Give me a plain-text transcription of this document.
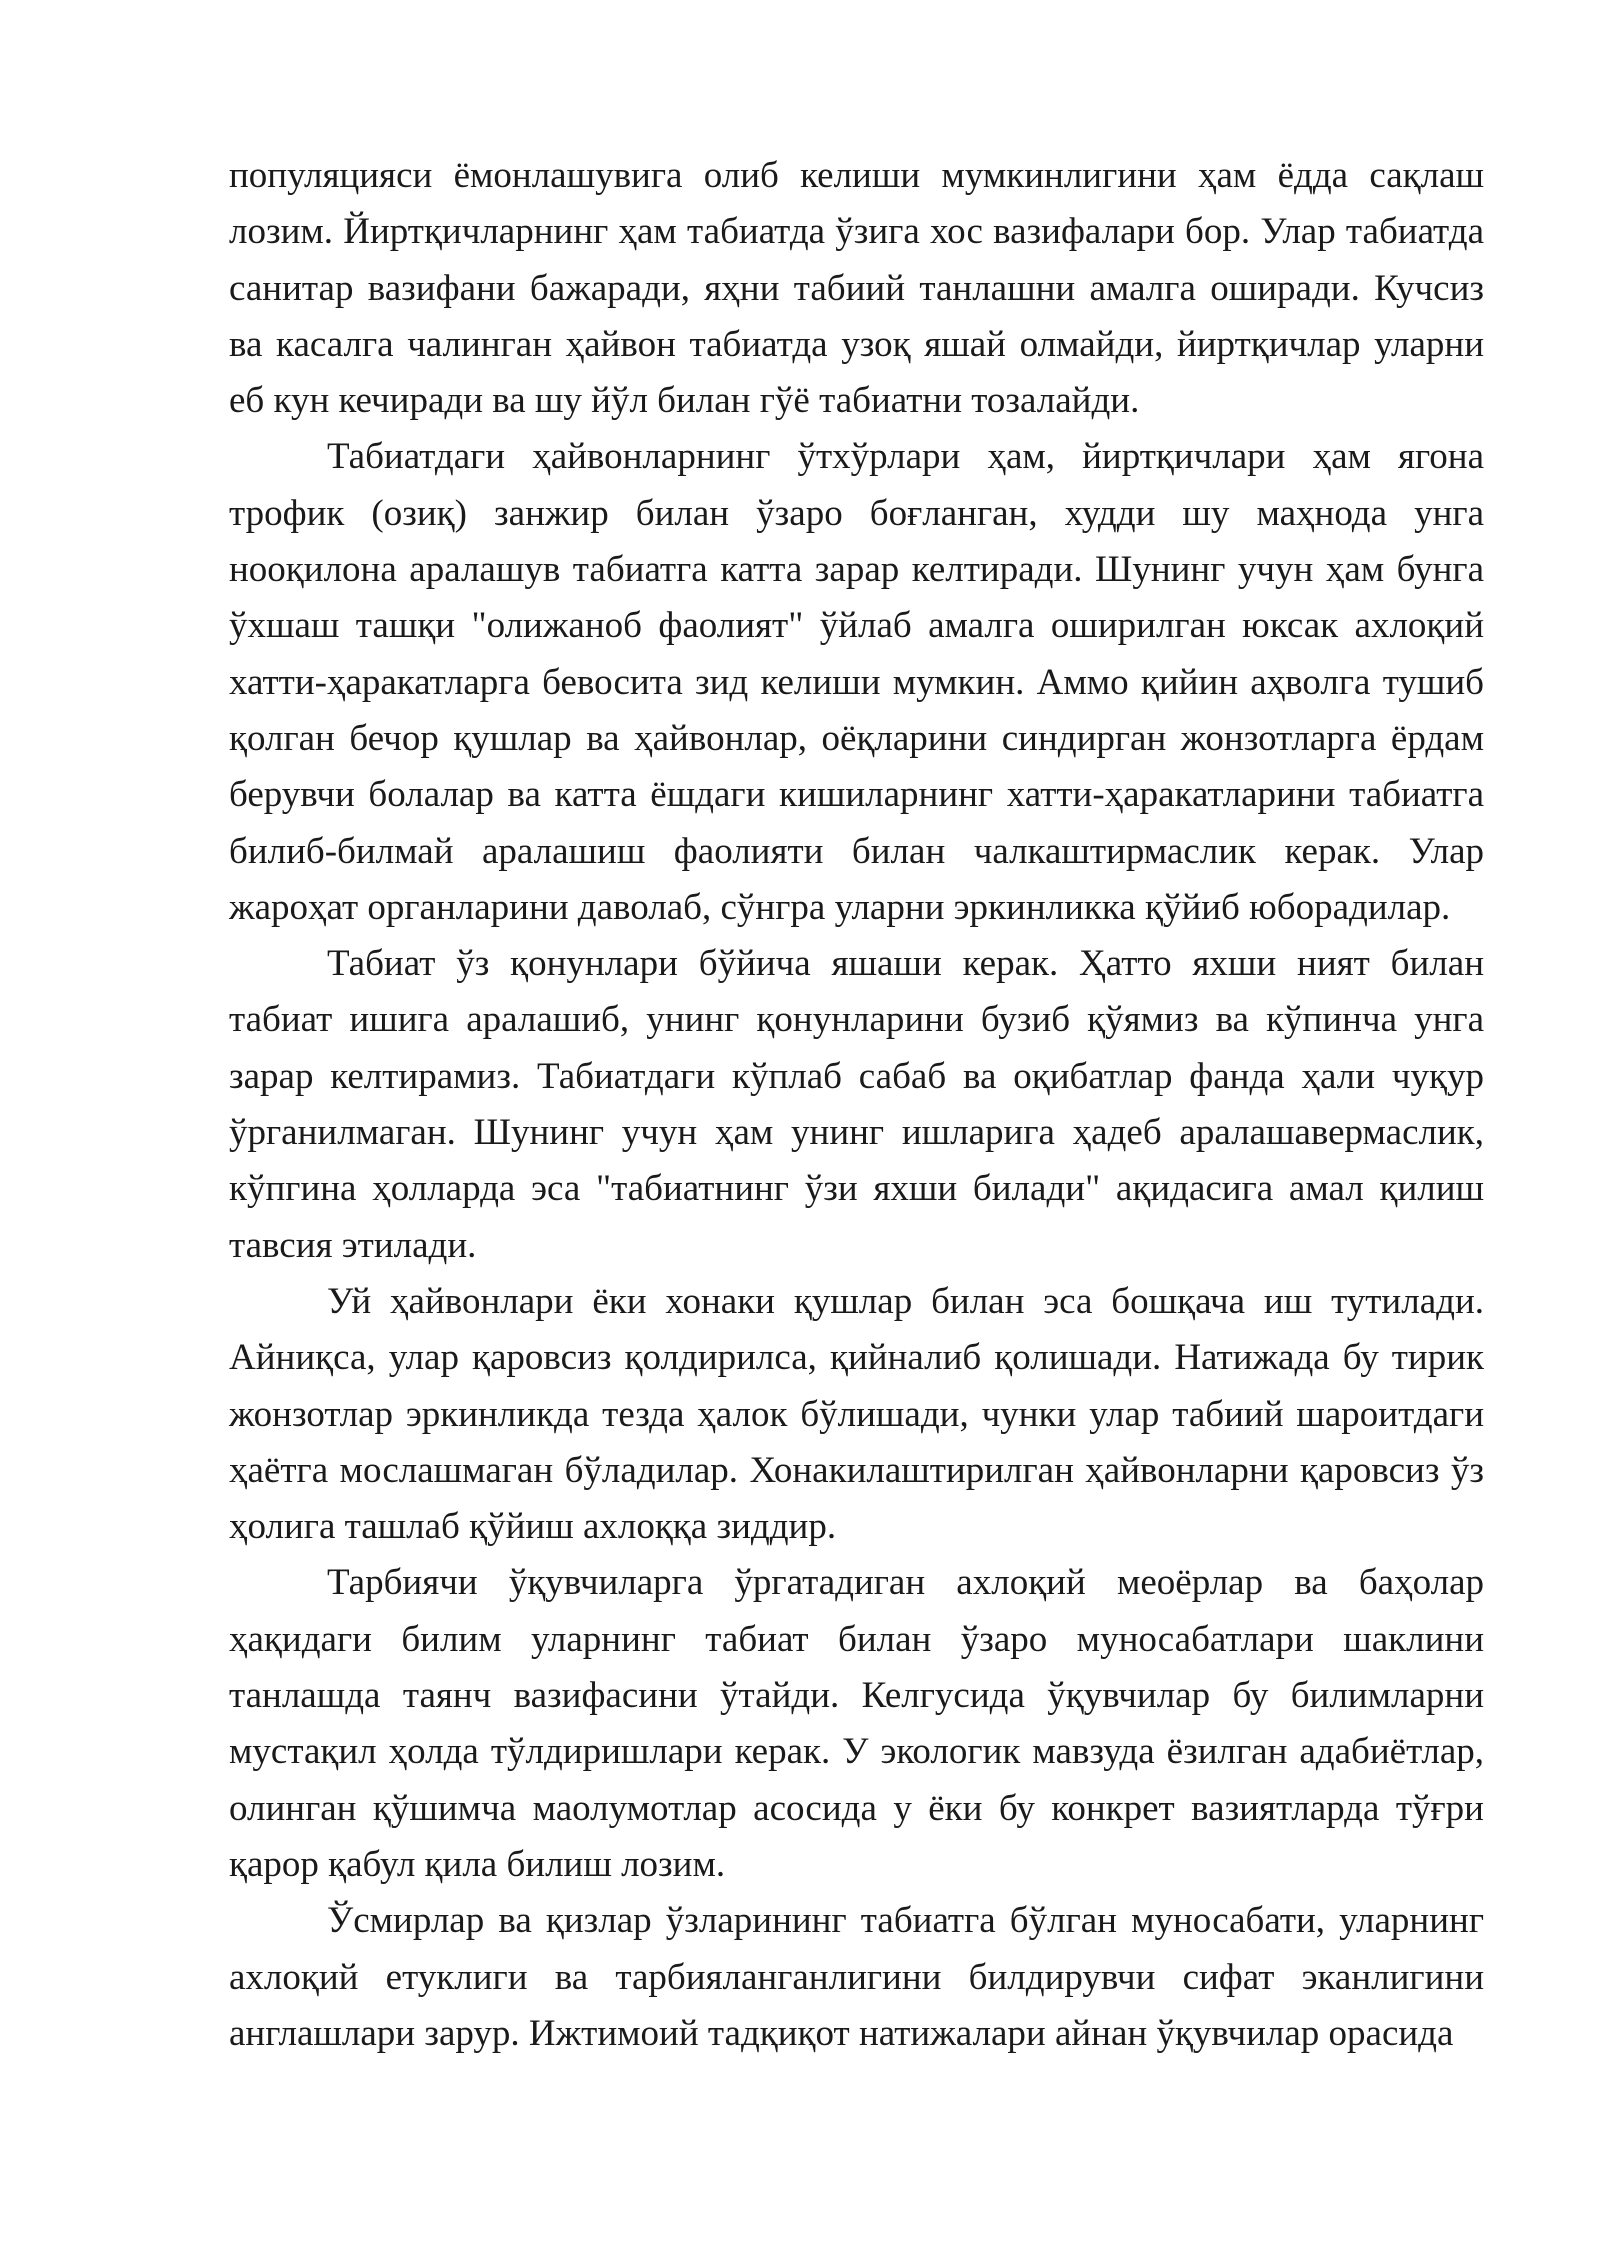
популяцияси ёмонлашувига олиб келиши мумкинлигини ҳам ёдда сақлаш лозим. Йиртқичларнинг ҳам табиатда ўзига хос вазифалари бор. Улар табиатда санитар вазифани бажаради, яҳни табиий танлашни амалга оширади. Кучсиз ва касалга чалинган ҳайвон табиатда узоқ яшай олмайди, йиртқичлар уларни еб кун кечиради ва шу йўл билан гўё табиатни тозалайди.

Табиатдаги ҳайвонларнинг ўтхўрлари ҳам, йиртқичлари ҳам ягона трофик (озиқ) занжир билан ўзаро боғланган, худди шу маҳнода унга нооқилона аралашув табиатга катта зарар келтиради. Шунинг учун ҳам бунга ўхшаш ташқи "олижаноб фаолият" ўйлаб амалга оширилган юксак ахлоқий хатти-ҳаракатларга бевосита зид келиши мумкин. Аммо қийин аҳволга тушиб қолган бечор қушлар ва ҳайвонлар, оёқларини синдирган жонзотларга ёрдам берувчи болалар ва катта ёшдаги кишиларнинг хатти-ҳаракатларини табиатга билиб-билмай аралашиш фаолияти билан чалкаштирмаслик керак. Улар жароҳат органларини даволаб, сўнгра уларни эркинликка қўйиб юборадилар.

Табиат ўз қонунлари бўйича яшаши керак. Ҳатто яхши ният билан табиат ишига аралашиб, унинг қонунларини бузиб қўямиз ва кўпинча унга зарар келтирамиз. Табиатдаги кўплаб сабаб ва оқибатлар фанда ҳали чуқур ўрганилмаган. Шунинг учун ҳам унинг ишларига ҳадеб аралашавермаслик, кўпгина ҳолларда эса "табиатнинг ўзи яхши билади" ақидасига амал қилиш тавсия этилади.

Уй ҳайвонлари ёки хонаки қушлар билан эса бошқача иш тутилади. Айниқса, улар қаровсиз қолдирилса, қийналиб қолишади. Натижада бу тирик жонзотлар эркинликда тезда ҳалок бўлишади, чунки улар табиий шароитдаги ҳаётга мослашмаган бўладилар. Хонакилаштирилган ҳайвонларни қаровсиз ўз ҳолига ташлаб қўйиш ахлоққа зиддир.

Тарбиячи ўқувчиларга ўргатадиган ахлоқий меоёрлар ва баҳолар ҳақидаги билим уларнинг табиат билан ўзаро муносабатлари шаклини танлашда таянч вазифасини ўтайди. Келгусида ўқувчилар бу билимларни мустақил ҳолда тўлдиришлари керак. У экологик мавзуда ёзилган адабиётлар, олинган қўшимча маолумотлар асосида у ёки бу конкрет вазиятларда тўғри қарор қабул қила билиш лозим.

Ўсмирлар ва қизлар ўзларининг табиатга бўлган муносабати, уларнинг ахлоқий етуклиги ва тарбияланганлигини билдирувчи сифат эканлигини англашлари зарур. Ижтимоий тадқиқот натижалари айнан ўқувчилар орасида
